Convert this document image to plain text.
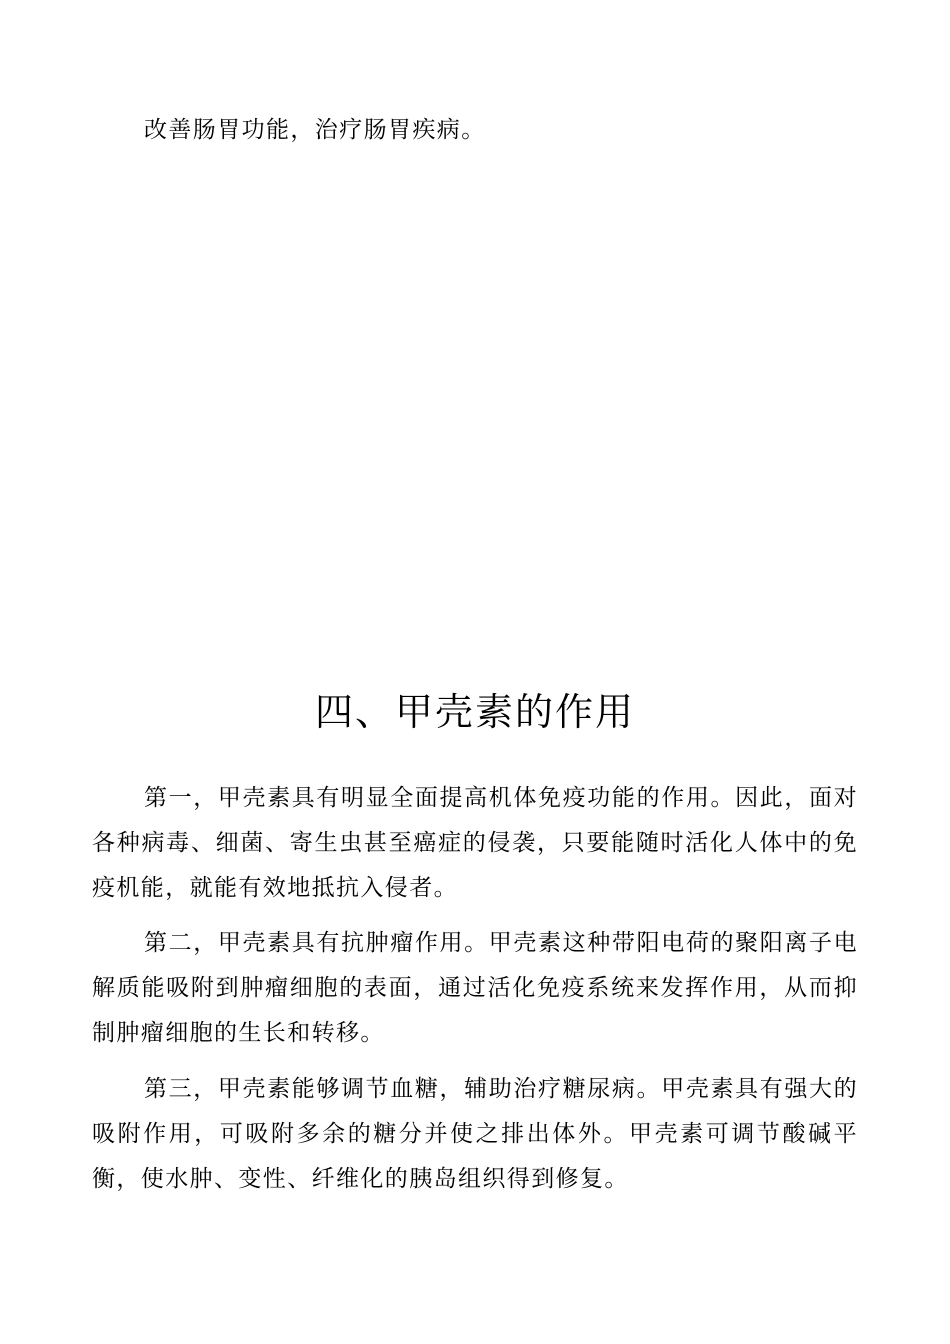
改善肠胃功能，治疗肠胃疾病。

四、甲壳素的作用

第一，甲壳素具有明显全面提高机体免疫功能的作用。因此，面对各种病毒、细菌、寄生虫甚至癌症的侵袭，只要能随时活化人体中的免疫机能，就能有效地抵抗入侵者。

第二，甲壳素具有抗肿瘤作用。甲壳素这种带阳电荷的聚阳离子电解质能吸附到肿瘤细胞的表面，通过活化免疫系统来发挥作用，从而抑制肿瘤细胞的生长和转移。

第三，甲壳素能够调节血糖，辅助治疗糖尿病。甲壳素具有强大的吸附作用，可吸附多余的糖分并使之排出体外。甲壳素可调节酸碱平衡，使水肿、变性、纤维化的胰岛组织得到修复。
